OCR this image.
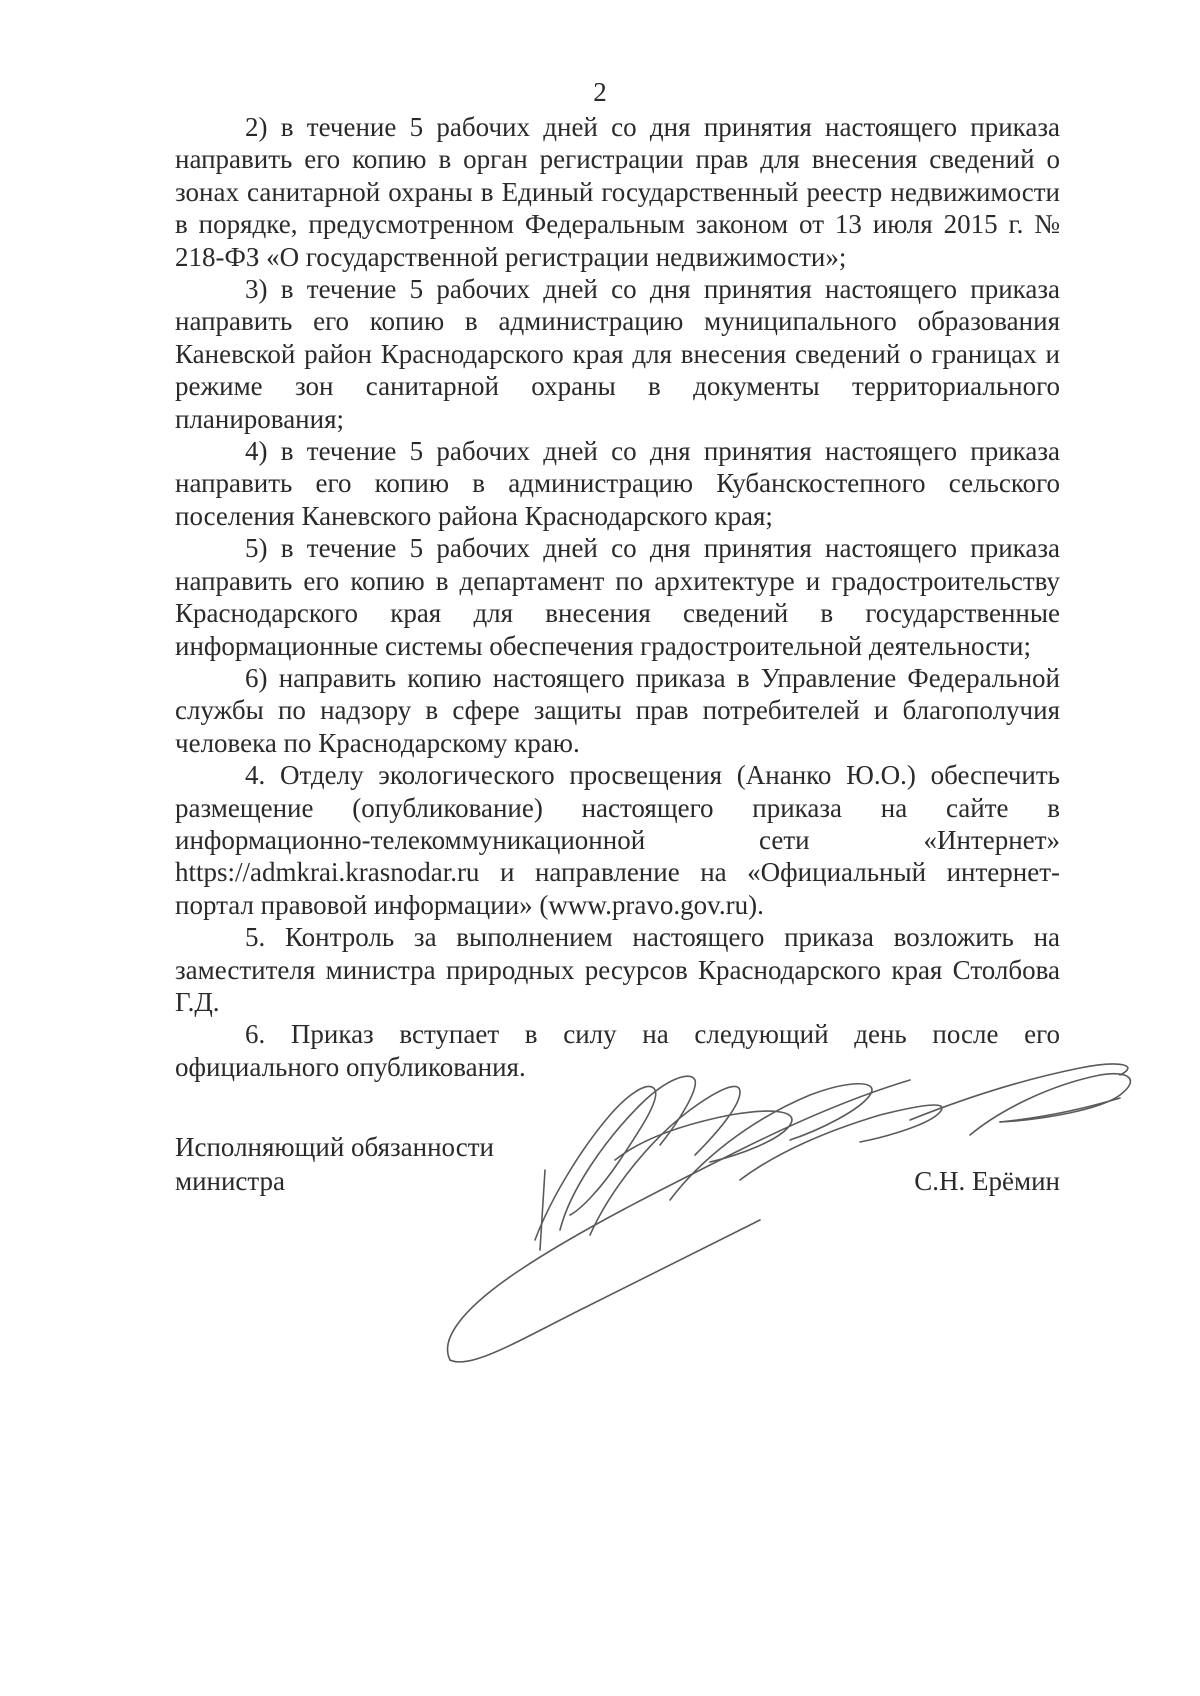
2

2) в течение 5 рабочих дней со дня принятия настоящего приказа направить его копию в орган регистрации прав для внесения сведений о зонах санитарной охраны в Единый государственный реестр недвижимости в порядке, предусмотренном Федеральным законом от 13 июля 2015 г. № 218-ФЗ «О государственной регистрации недвижимости»;

3) в течение 5 рабочих дней со дня принятия настоящего приказа направить его копию в администрацию муниципального образования Каневской район Краснодарского края для внесения сведений о границах и режиме зон санитарной охраны в документы территориального планирования;

4) в течение 5 рабочих дней со дня принятия настоящего приказа направить его копию в администрацию Кубанскостепного сельского поселения Каневского района Краснодарского края;

5) в течение 5 рабочих дней со дня принятия настоящего приказа направить его копию в департамент по архитектуре и градостроительству Краснодарского края для внесения сведений в государственные информационные системы обеспечения градостроительной деятельности;

6) направить копию настоящего приказа в Управление Федеральной службы по надзору в сфере защиты прав потребителей и благополучия человека по Краснодарскому краю.

4. Отделу экологического просвещения (Ананко Ю.О.) обеспечить размещение (опубликование) настоящего приказа на сайте в информационно-телекоммуникационной сети «Интернет» https://admkrai.krasnodar.ru и направление на «Официальный интернет-портал правовой информации» (www.pravo.gov.ru).

5. Контроль за выполнением настоящего приказа возложить на заместителя министра природных ресурсов Краснодарского края Столбова Г.Д.

6. Приказ вступает в силу на следующий день после его официального опубликования.

Исполняющий обязанности
министра	С.Н. Ерёмин
